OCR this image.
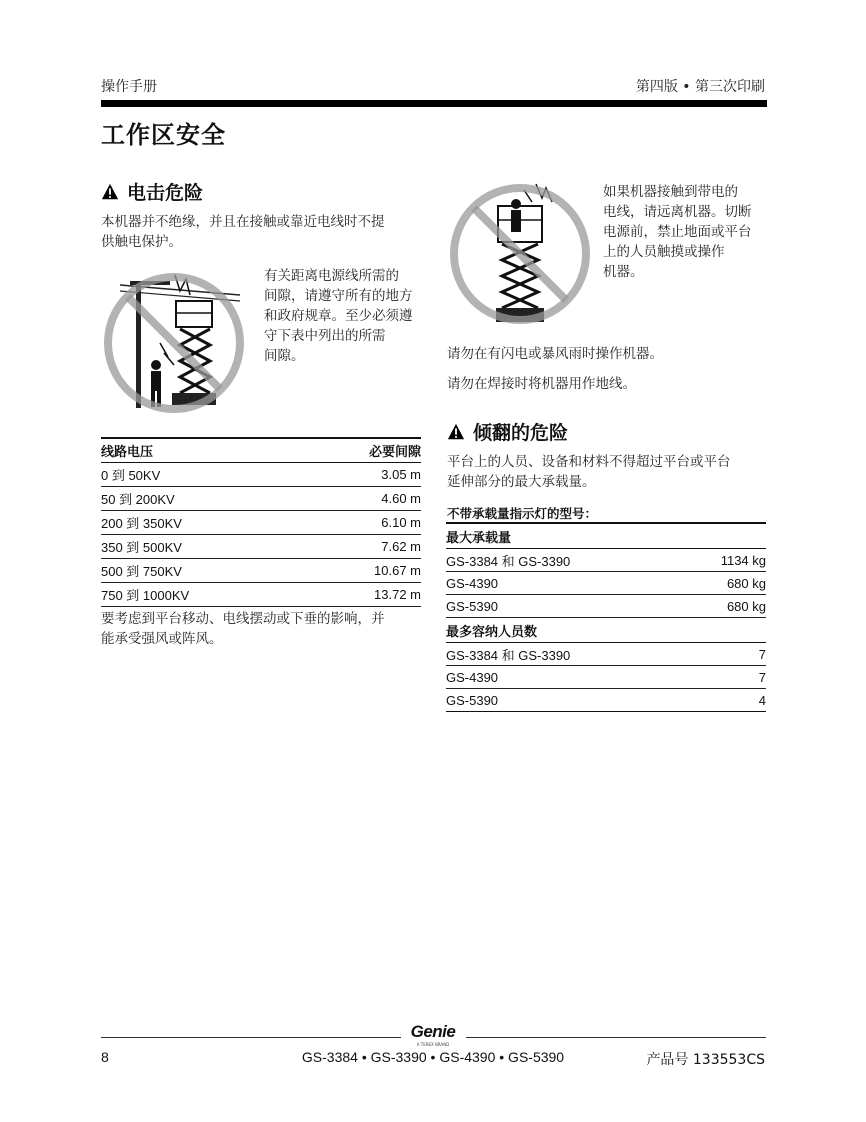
操作手册	第四版 • 第三次印刷
工作区安全
电击危险
本机器并不绝缘，并且在接触或靠近电线时不提
供触电保护。
有关距离电源线所需的
间隙，请遵守所有的地方
和政府规章。至少必须遵
守下表中列出的所需
间隙。
线路电压	必要间隙
0 到 50KV	3.05 m
50 到 200KV	4.60 m
200 到 350KV	6.10 m
350 到 500KV	7.62 m
500 到 750KV	10.67 m
750 到 1000KV	13.72 m
要考虑到平台移动、电线摆动或下垂的影响，并
能承受强风或阵风。
如果机器接触到带电的
电线，请远离机器。切断
电源前，禁止地面或平台
上的人员触摸或操作
机器。
请勿在有闪电或暴风雨时操作机器。
请勿在焊接时将机器用作地线。
倾翻的危险
平台上的人员、设备和材料不得超过平台或平台
延伸部分的最大承载量。
不带承载量指示灯的型号：
最大承载量
GS-3384 和 GS-3390	1134 kg
GS-4390	680 kg
GS-5390	680 kg
最多容纳人员数
GS-3384 和 GS-3390	7
GS-4390	7
GS-5390	4
Genie
A TEREX BRAND
8	GS-3384 • GS-3390 • GS-4390 • GS-5390	产品号 133553CS
